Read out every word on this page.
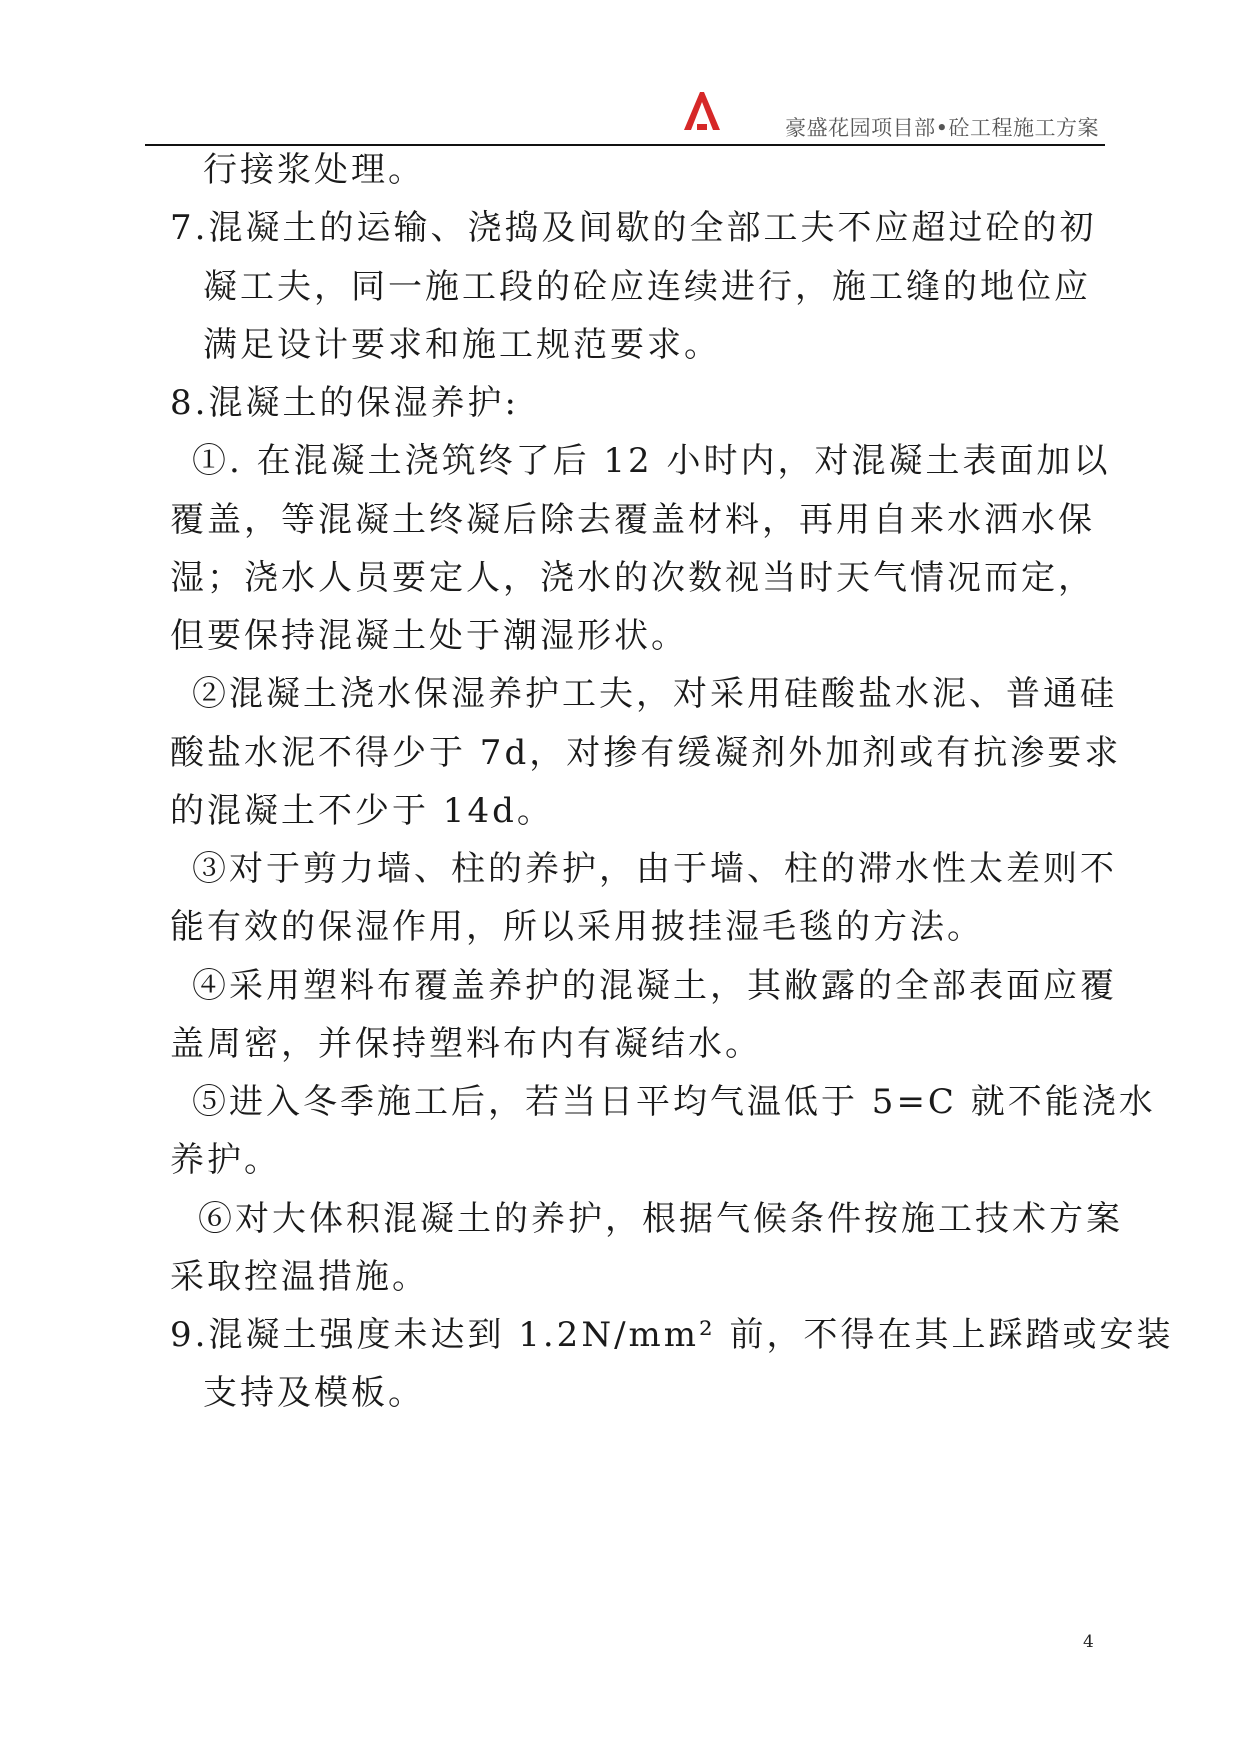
豪盛花园项目部•砼工程施工方案
行接浆处理。
7.混凝土的运输、浇捣及间歇的全部工夫不应超过砼的初
凝工夫，同一施工段的砼应连续进行，施工缝的地位应
满足设计要求和施工规范要求。
8.混凝土的保湿养护:
①. 在混凝土浇筑终了后 12 小时内，对混凝土表面加以
覆盖，等混凝土终凝后除去覆盖材料，再用自来水洒水保
湿；浇水人员要定人，浇水的次数视当时天气情况而定，
但要保持混凝土处于潮湿形状。
②混凝土浇水保湿养护工夫，对采用硅酸盐水泥、普通硅
酸盐水泥不得少于 7d，对掺有缓凝剂外加剂或有抗渗要求
的混凝土不少于 14d。
③对于剪力墙、柱的养护，由于墙、柱的滞水性太差则不
能有效的保湿作用，所以采用披挂湿毛毯的方法。
④采用塑料布覆盖养护的混凝土，其敝露的全部表面应覆
盖周密，并保持塑料布内有凝结水。
⑤进入冬季施工后，若当日平均气温低于 5=C 就不能浇水
养护。
⑥对大体积混凝土的养护，根据气候条件按施工技术方案
采取控温措施。
9.混凝土强度未达到 1.2N/mm² 前，不得在其上踩踏或安装
支持及模板。
4
